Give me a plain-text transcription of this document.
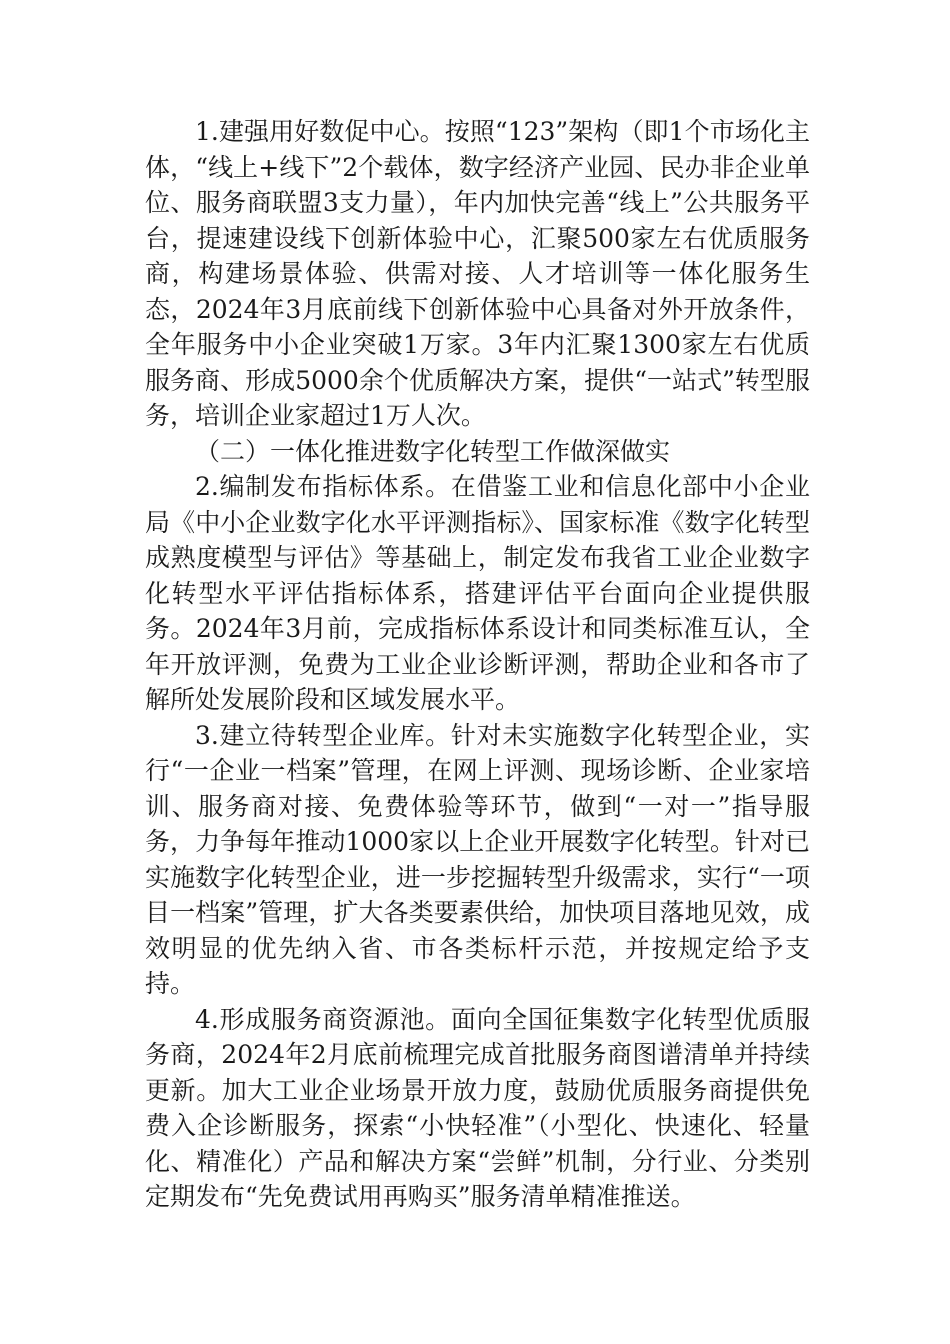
1.建强用好数促中心。按照“123”架构（即1个市场化主体，“线上+线下”2个载体，数字经济产业园、民办非企业单位、服务商联盟3支力量），年内加快完善“线上”公共服务平台，提速建设线下创新体验中心，汇聚500家左右优质服务商，构建场景体验、供需对接、人才培训等一体化服务生态，2024年3月底前线下创新体验中心具备对外开放条件，全年服务中小企业突破1万家。3年内汇聚1300家左右优质服务商、形成5000余个优质解决方案，提供“一站式”转型服务，培训企业家超过1万人次。

（二）一体化推进数字化转型工作做深做实

2.编制发布指标体系。在借鉴工业和信息化部中小企业局《中小企业数字化水平评测指标》、国家标准《数字化转型成熟度模型与评估》等基础上，制定发布我省工业企业数字化转型水平评估指标体系，搭建评估平台面向企业提供服务。2024年3月前，完成指标体系设计和同类标准互认，全年开放评测，免费为工业企业诊断评测，帮助企业和各市了解所处发展阶段和区域发展水平。

3.建立待转型企业库。针对未实施数字化转型企业，实行“一企业一档案”管理，在网上评测、现场诊断、企业家培训、服务商对接、免费体验等环节，做到“一对一”指导服务，力争每年推动1000家以上企业开展数字化转型。针对已实施数字化转型企业，进一步挖掘转型升级需求，实行“一项目一档案”管理，扩大各类要素供给，加快项目落地见效，成效明显的优先纳入省、市各类标杆示范，并按规定给予支持。

4.形成服务商资源池。面向全国征集数字化转型优质服务商，2024年2月底前梳理完成首批服务商图谱清单并持续更新。加大工业企业场景开放力度，鼓励优质服务商提供免费入企诊断服务，探索“小快轻准”（小型化、快速化、轻量化、精准化）产品和解决方案“尝鲜”机制，分行业、分类别定期发布“先免费试用再购买”服务清单精准推送。
